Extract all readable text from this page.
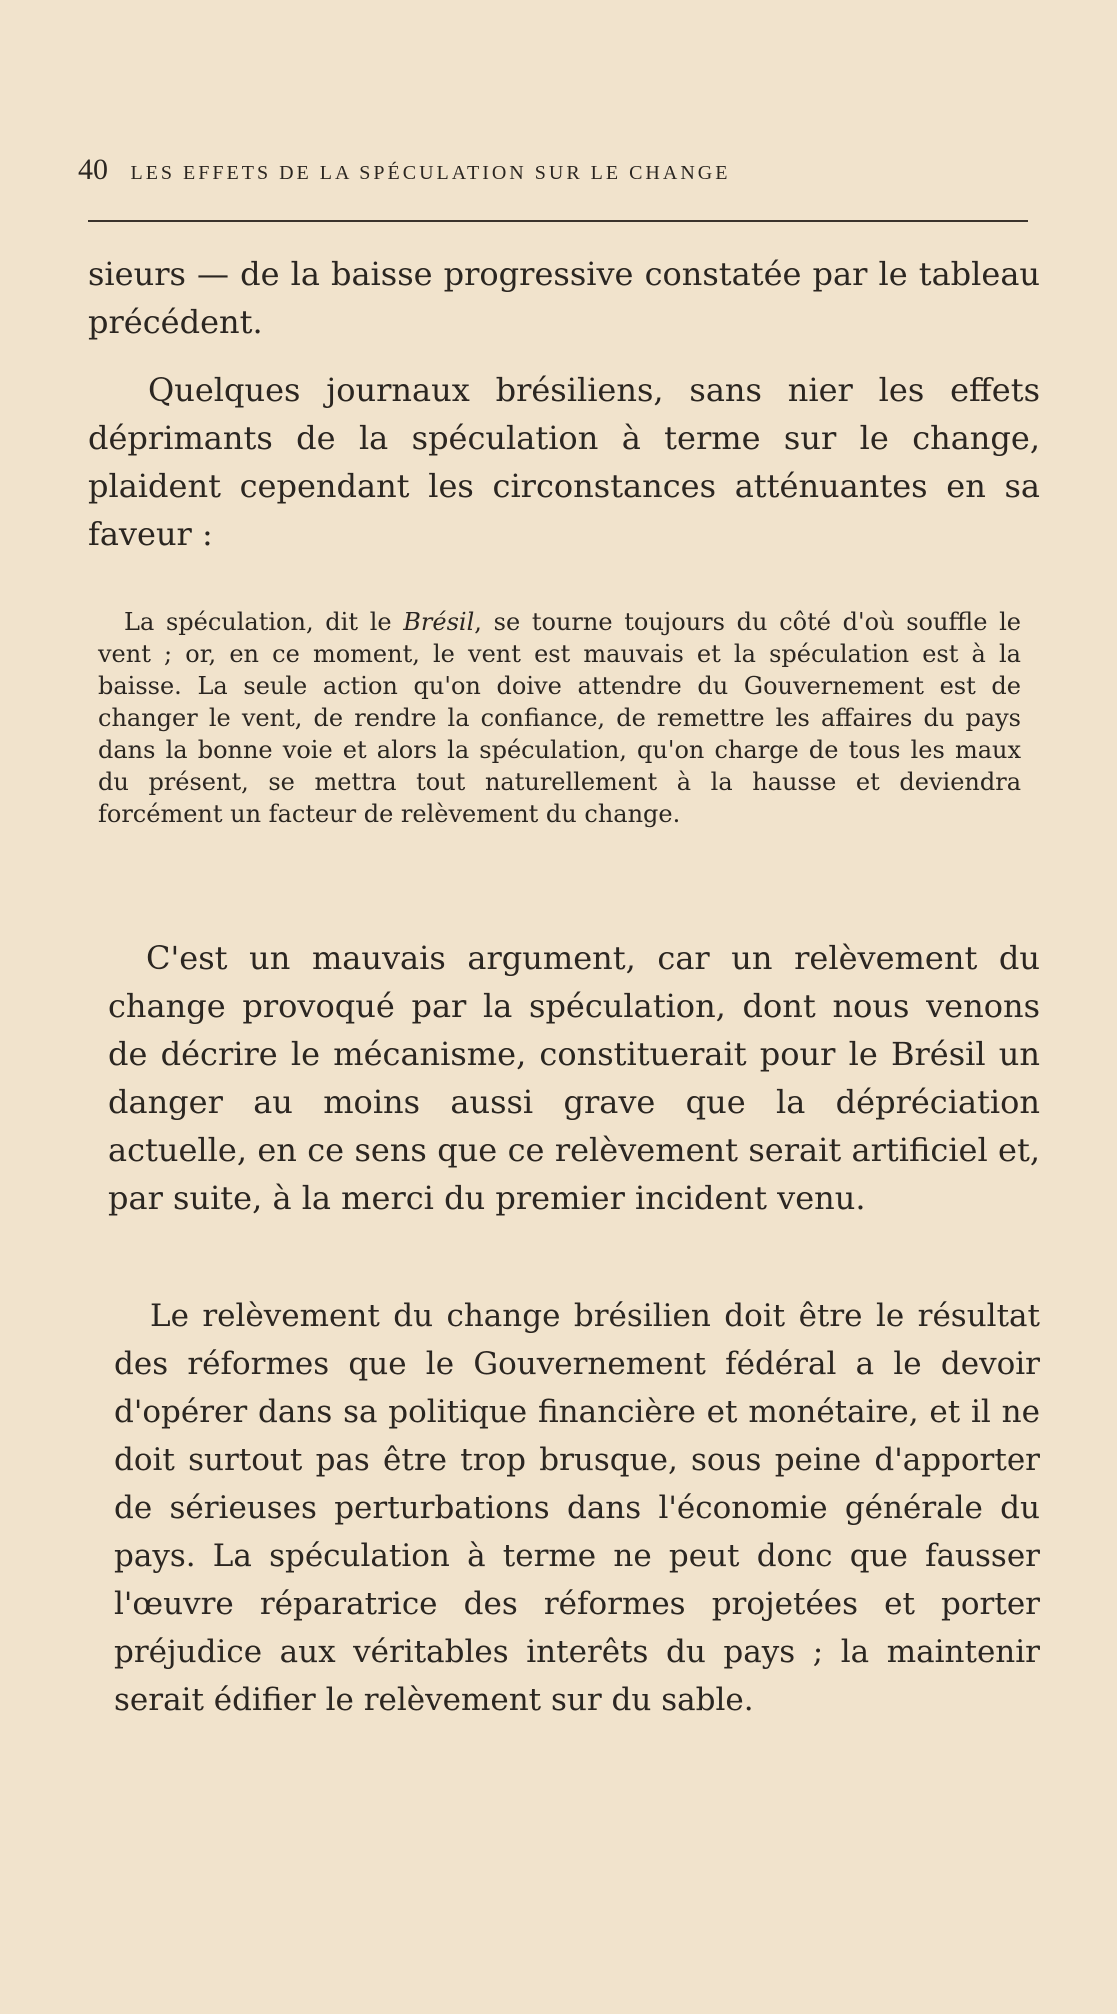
40 LES EFFETS DE LA SPÉCULATION SUR LE CHANGE

sieurs — de la baisse progressive constatée par le tableau précédent.

Quelques journaux brésiliens, sans nier les effets déprimants de la spéculation à terme sur le change, plaident cependant les circonstances atténuantes en sa faveur :

La spéculation, dit le Brésil, se tourne toujours du côté d'où souffle le vent ; or, en ce moment, le vent est mauvais et la spéculation est à la baisse. La seule action qu'on doive attendre du Gouvernement est de changer le vent, de rendre la confiance, de remettre les affaires du pays dans la bonne voie et alors la spéculation, qu'on charge de tous les maux du présent, se mettra tout naturellement à la hausse et deviendra forcément un facteur de relèvement du change.

C'est un mauvais argument, car un relèvement du change provoqué par la spéculation, dont nous venons de décrire le mécanisme, constituerait pour le Brésil un danger au moins aussi grave que la dépréciation actuelle, en ce sens que ce relèvement serait artificiel et, par suite, à la merci du premier incident venu.

Le relèvement du change brésilien doit être le résultat des réformes que le Gouvernement fédéral a le devoir d'opérer dans sa politique financière et monétaire, et il ne doit surtout pas être trop brusque, sous peine d'apporter de sérieuses perturbations dans l'économie générale du pays. La spéculation à terme ne peut donc que fausser l'œuvre réparatrice des réformes projetées et porter préjudice aux véritables interêts du pays ; la maintenir serait édifier le relèvement sur du sable.
